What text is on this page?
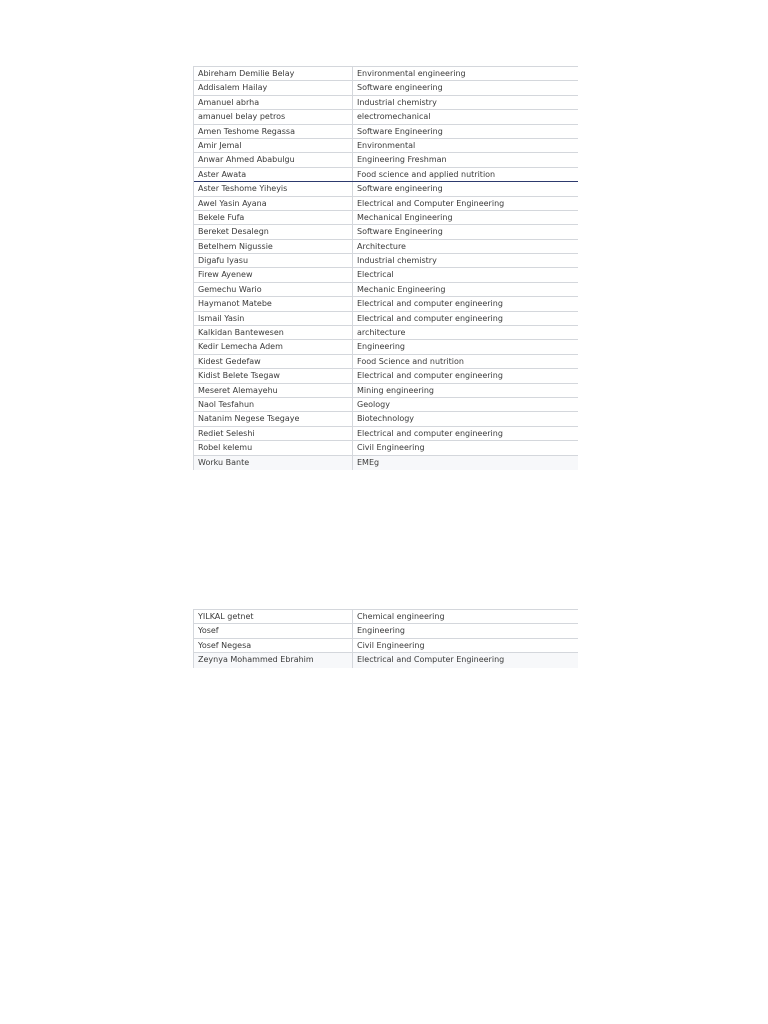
Abireham Demilie Belay	Environmental engineering
Addisalem Hailay	Software engineering
Amanuel abrha	Industrial chemistry
amanuel belay petros	electromechanical
Amen Teshome Regassa	Software Engineering
Amir Jemal	Environmental
Anwar Ahmed Ababulgu	Engineering Freshman
Aster Awata	Food science and applied nutrition
Aster Teshome Yiheyis	Software engineering
Awel Yasin Ayana	Electrical and Computer Engineering
Bekele Fufa	Mechanical Engineering
Bereket Desalegn	Software Engineering
Betelhem Nigussie	Architecture
Digafu Iyasu	Industrial chemistry
Firew Ayenew	Electrical
Gemechu Wario	Mechanic Engineering
Haymanot Matebe	Electrical and computer engineering
Ismail Yasin	Electrical and computer engineering
Kalkidan Bantewesen	architecture
Kedir Lemecha Adem	Engineering
Kidest Gedefaw	Food Science and nutrition
Kidist Belete Tsegaw	Electrical and computer engineering
Meseret Alemayehu	Mining engineering
Naol Tesfahun	Geology
Natanim Negese Tsegaye	Biotechnology
Rediet Seleshi	Electrical and computer engineering
Robel kelemu	Civil Engineering
Worku Bante	EMEg
YILKAL getnet	Chemical engineering
Yosef	Engineering
Yosef Negesa	Civil Engineering
Zeynya Mohammed Ebrahim	Electrical and Computer Engineering
